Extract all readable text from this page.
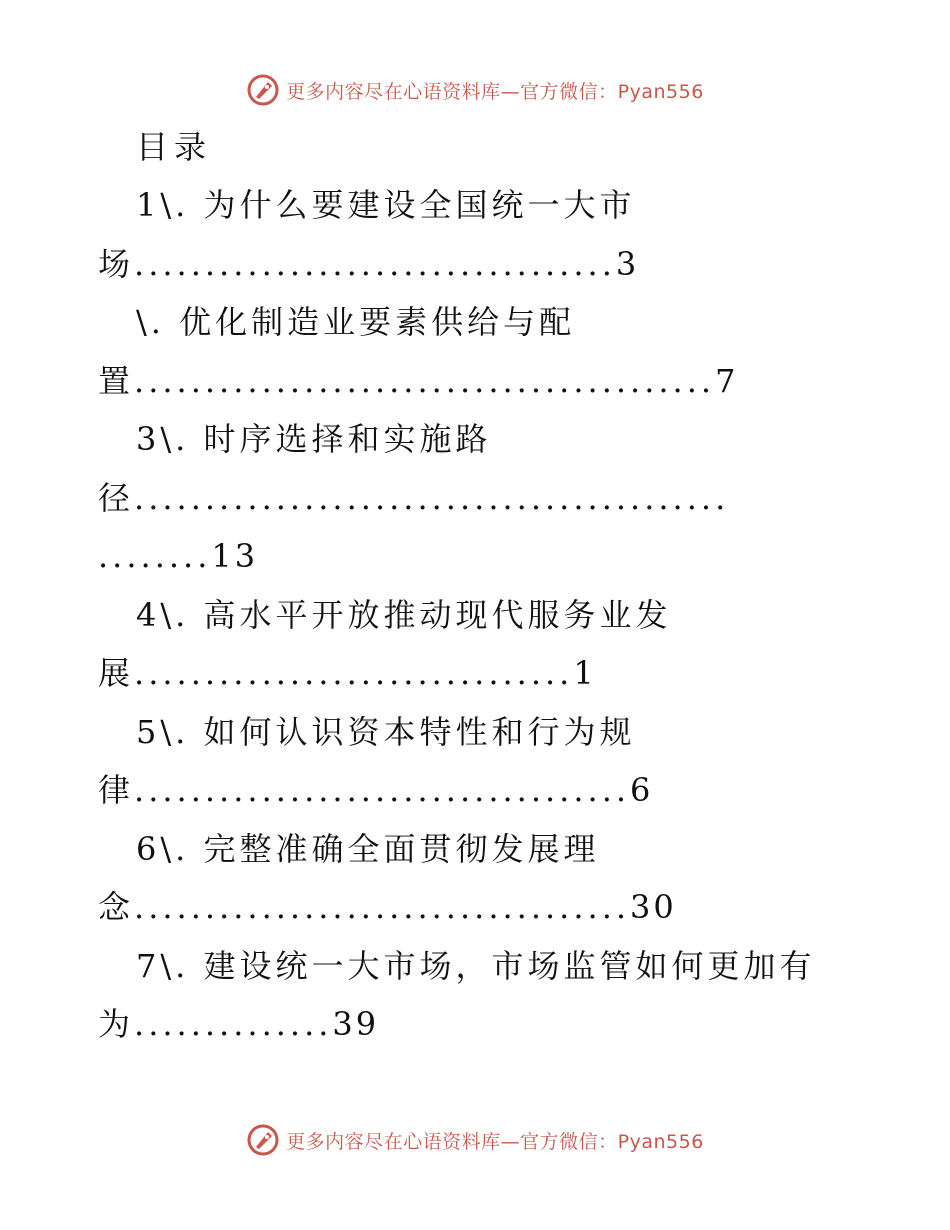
更多内容尽在心语资料库—官方微信：Pyan556
目录
1\. 为什么要建设全国统一大市
场..................................3
\. 优化制造业要素供给与配
置.........................................7
3\. 时序选择和实施路
径..........................................
........13
4\. 高水平开放推动现代服务业发
展...............................1
5\. 如何认识资本特性和行为规
律...................................6
6\. 完整准确全面贯彻发展理
念...................................30
7\. 建设统一大市场，市场监管如何更加有
为..............39
更多内容尽在心语资料库—官方微信：Pyan556
